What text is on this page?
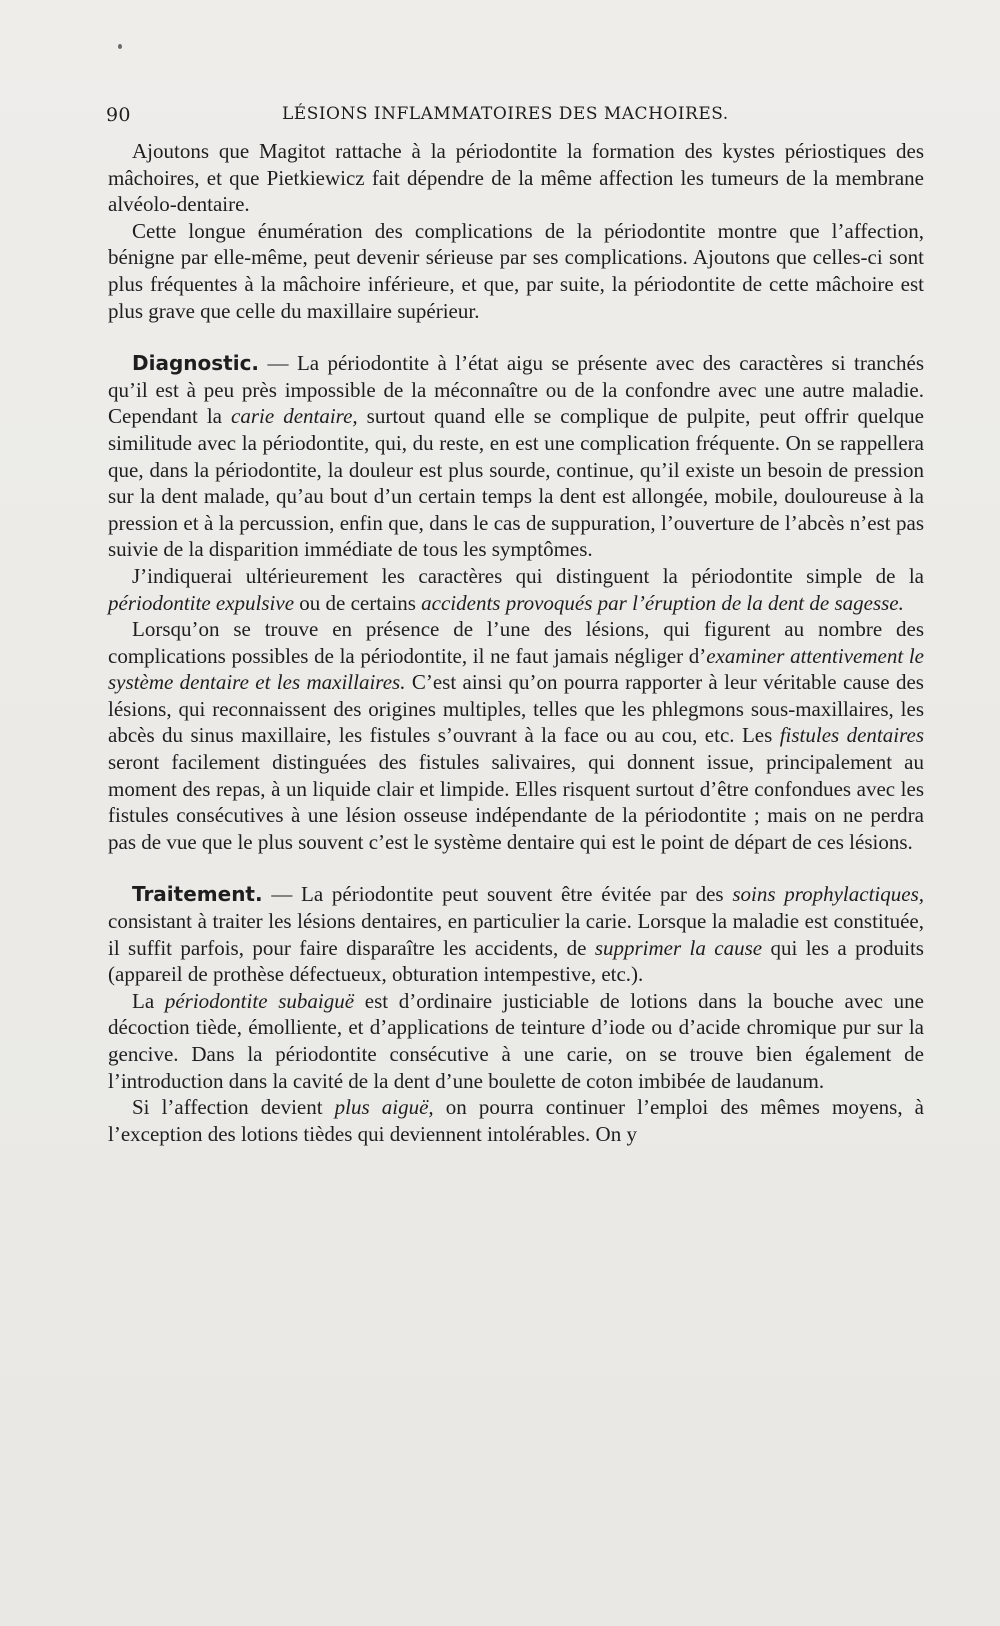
90	LÉSIONS INFLAMMATOIRES DES MACHOIRES.

Ajoutons que Magitot rattache à la périodontite la formation des kystes périostiques des mâchoires, et que Pietkiewicz fait dépendre de la même affection les tumeurs de la membrane alvéolo-dentaire.

Cette longue énumération des complications de la périodontite montre que l’affection, bénigne par elle-même, peut devenir sérieuse par ses complications. Ajoutons que celles-ci sont plus fréquentes à la mâchoire inférieure, et que, par suite, la périodontite de cette mâchoire est plus grave que celle du maxillaire supérieur.

Diagnostic. — La périodontite à l’état aigu se présente avec des caractères si tranchés qu’il est à peu près impossible de la méconnaître ou de la confondre avec une autre maladie. Cependant la carie dentaire, surtout quand elle se complique de pulpite, peut offrir quelque similitude avec la périodontite, qui, du reste, en est une complication fréquente. On se rappellera que, dans la périodontite, la douleur est plus sourde, continue, qu’il existe un besoin de pression sur la dent malade, qu’au bout d’un certain temps la dent est allongée, mobile, douloureuse à la pression et à la percussion, enfin que, dans le cas de suppuration, l’ouverture de l’abcès n’est pas suivie de la disparition immédiate de tous les symptômes.

J’indiquerai ultérieurement les caractères qui distinguent la périodontite simple de la périodontite expulsive ou de certains accidents provoqués par l’éruption de la dent de sagesse.

Lorsqu’on se trouve en présence de l’une des lésions, qui figurent au nombre des complications possibles de la périodontite, il ne faut jamais négliger d’examiner attentivement le système dentaire et les maxillaires. C’est ainsi qu’on pourra rapporter à leur véritable cause des lésions, qui reconnaissent des origines multiples, telles que les phlegmons sous-maxillaires, les abcès du sinus maxillaire, les fistules s’ouvrant à la face ou au cou, etc. Les fistules dentaires seront facilement distinguées des fistules salivaires, qui donnent issue, principalement au moment des repas, à un liquide clair et limpide. Elles risquent surtout d’être confondues avec les fistules consécutives à une lésion osseuse indépendante de la périodontite ; mais on ne perdra pas de vue que le plus souvent c’est le système dentaire qui est le point de départ de ces lésions.

Traitement. — La périodontite peut souvent être évitée par des soins prophylactiques, consistant à traiter les lésions dentaires, en particulier la carie. Lorsque la maladie est constituée, il suffit parfois, pour faire disparaître les accidents, de supprimer la cause qui les a produits (appareil de prothèse défectueux, obturation intempestive, etc.).

La périodontite subaiguë est d’ordinaire justiciable de lotions dans la bouche avec une décoction tiède, émolliente, et d’applications de teinture d’iode ou d’acide chromique pur sur la gencive. Dans la périodontite consécutive à une carie, on se trouve bien également de l’introduction dans la cavité de la dent d’une boulette de coton imbibée de laudanum.

Si l’affection devient plus aiguë, on pourra continuer l’emploi des mêmes moyens, à l’exception des lotions tièdes qui deviennent intolérables. On y
